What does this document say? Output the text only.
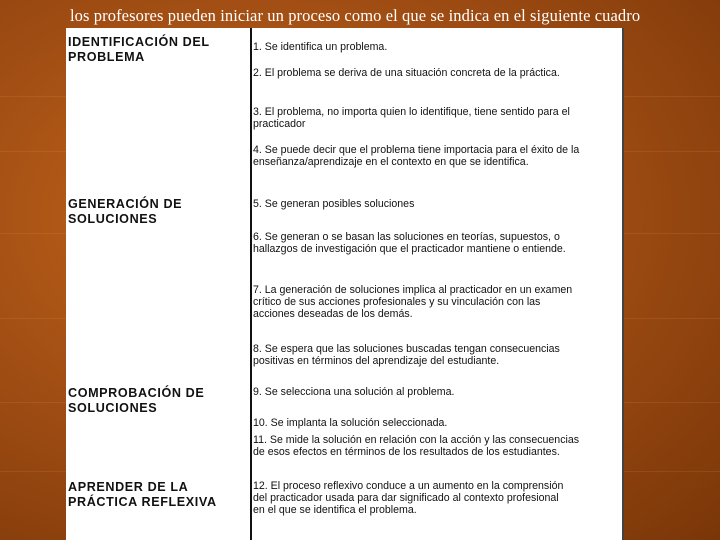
los profesores pueden iniciar un proceso como el que se indica en el siguiente cuadro
IDENTIFICACIÓN DEL
PROBLEMA
GENERACIÓN DE
SOLUCIONES
COMPROBACIÓN DE
SOLUCIONES
APRENDER DE LA
PRÁCTICA REFLEXIVA
1. Se identifica un problema.
2. El problema se deriva de una situación concreta de la práctica.
3. El problema, no importa quien lo identifique, tiene sentido para el
practicador
4. Se puede decir que el problema tiene importacia para el éxito de la
enseñanza/aprendizaje en el contexto en que se identifica.
5. Se generan posibles soluciones
6. Se generan o se basan las soluciones en teorías, supuestos, o
hallazgos de investigación que el practicador mantiene o entiende.
7. La generación de soluciones implica al practicador en un examen
crítico de sus acciones profesionales y su vinculación con las
acciones deseadas de los demás.
8. Se espera que las soluciones buscadas tengan consecuencias
positivas en términos del aprendizaje del estudiante.
9. Se selecciona una solución al problema.
10. Se implanta la solución seleccionada.
11. Se mide la solución en relación con la acción y las consecuencias
de esos efectos en términos de los resultados de los estudiantes.
12. El proceso reflexivo conduce a un aumento en la comprensión
del practicador usada para dar significado al contexto profesional
en el que se identifica el problema.
